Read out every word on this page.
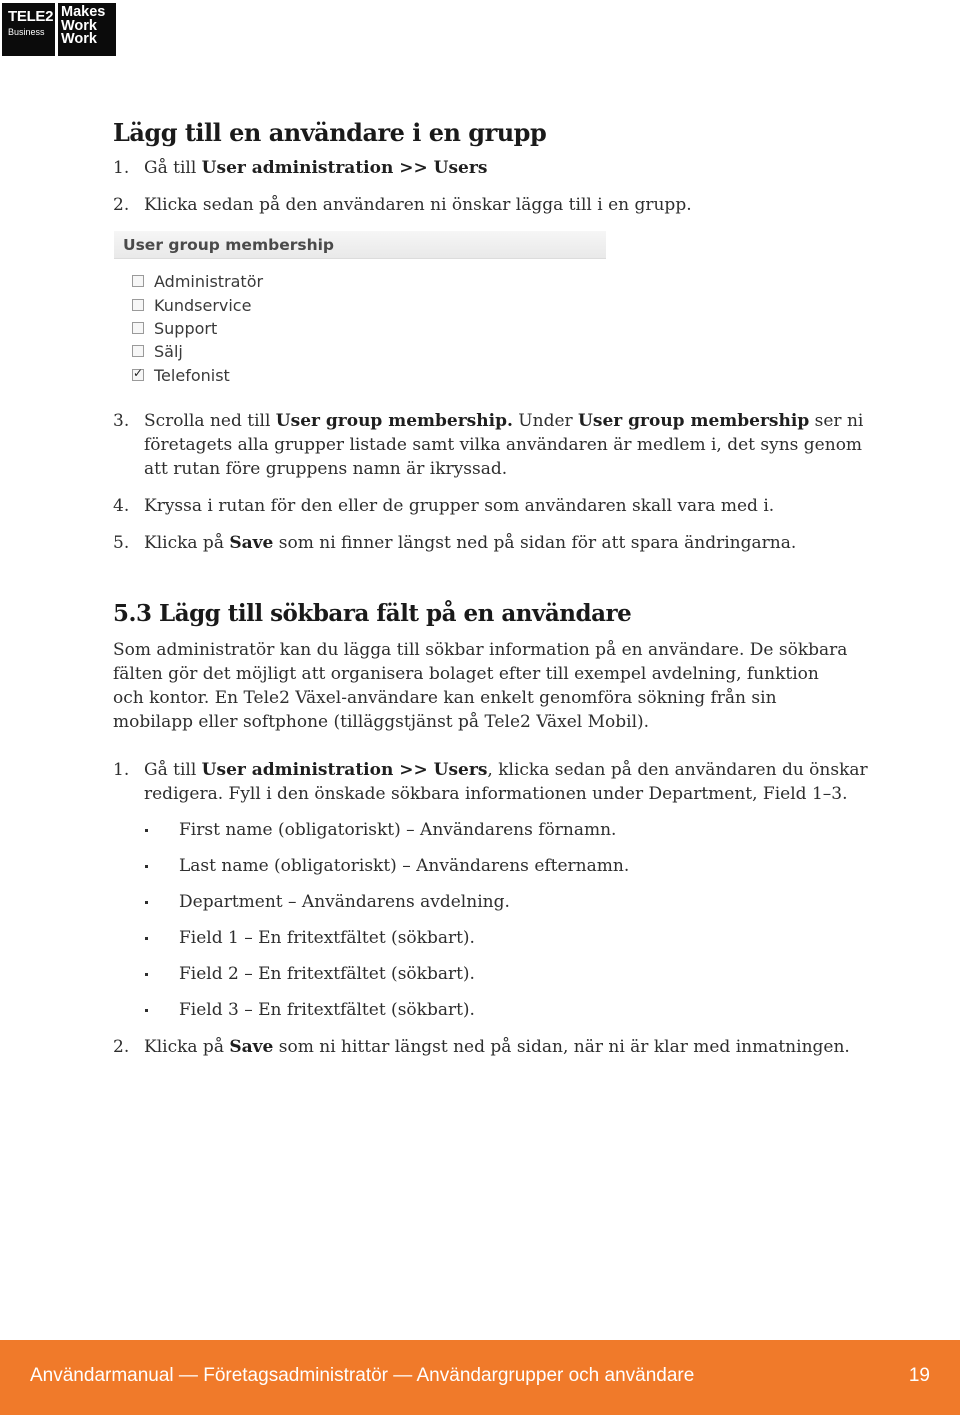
TELE2
Business
Makes
Work
Work
Lägg till en användare i en grupp
1. Gå till User administration >> Users
2. Klicka sedan på den användaren ni önskar lägga till i en grupp.
User group membership
Administratör
Kundservice
Support
Sälj
✓
Telefonist
3. Scrolla ned till User group membership. Under User group membership ser ni företagets alla grupper listade samt vilka användaren är medlem i, det syns genom att rutan före gruppens namn är ikryssad.
4. Kryssa i rutan för den eller de grupper som användaren skall vara med i.
5. Klicka på Save som ni finner längst ned på sidan för att spara ändringarna.
5.3 Lägg till sökbara fält på en användare
Som administratör kan du lägga till sökbar information på en användare. De sökbara fälten gör det möjligt att organisera bolaget efter till exempel avdelning, funktion och kontor. En Tele2 Växel-användare kan enkelt genomföra sökning från sin mobilapp eller softphone (tilläggstjänst på Tele2 Växel Mobil).
1. Gå till User administration >> Users, klicka sedan på den användaren du önskar redigera. Fyll i den önskade sökbara informationen under Department, Field 1–3.
First name (obligatoriskt) – Användarens förnamn.
Last name (obligatoriskt) – Användarens efternamn.
Department – Användarens avdelning.
Field 1 – En fritextfältet (sökbart).
Field 2 – En fritextfältet (sökbart).
Field 3 – En fritextfältet (sökbart).
2. Klicka på Save som ni hittar längst ned på sidan, när ni är klar med inmatningen.
Användarmanual — Företagsadministratör — Användargrupper och användare	19
